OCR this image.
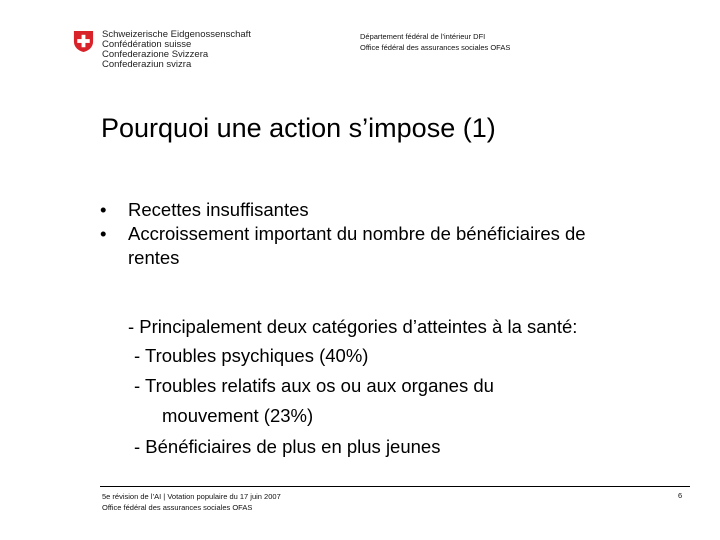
Schweizerische Eidgenossenschaft
Confédération suisse
Confederazione Svizzera
Confederaziun svizra
Département fédéral de l'intérieur DFI
Office fédéral des assurances sociales OFAS
Pourquoi une action s’impose (1)
•	Recettes insuffisantes
•	Accroissement important du nombre de bénéficiaires de rentes
- Principalement deux catégories d’atteintes à la santé:
- Troubles psychiques (40%)
- Troubles relatifs aux os ou aux organes du
mouvement (23%)
- Bénéficiaires de plus en plus jeunes
5e révision de l’AI | Votation populaire du 17 juin 2007
Office fédéral des assurances sociales OFAS
6
